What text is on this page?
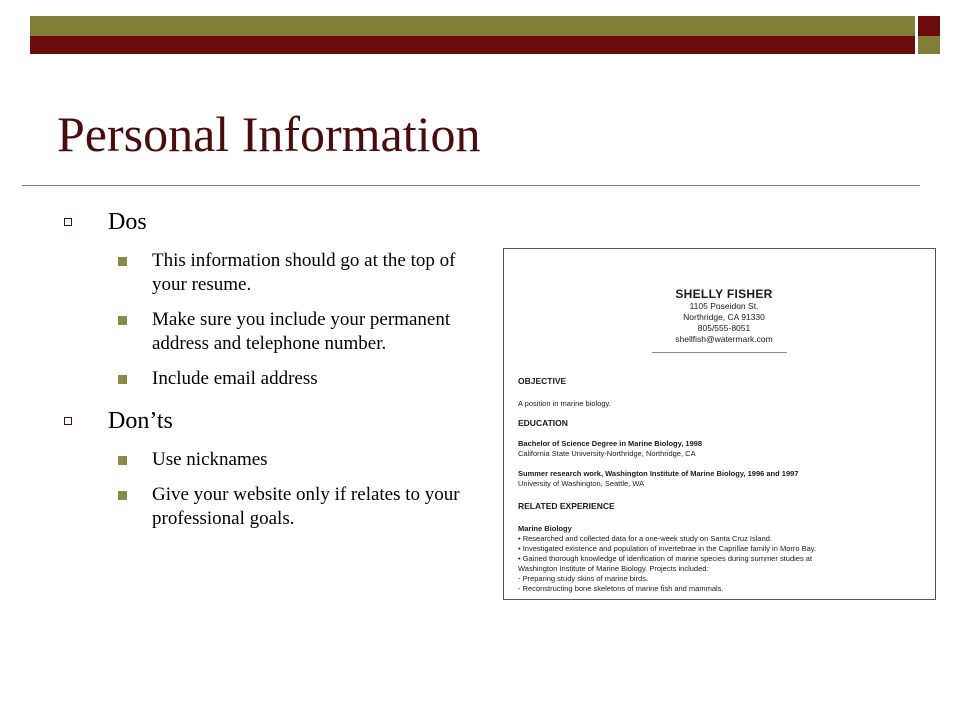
Personal Information
Dos
This information should go at the top of your resume.
Make sure you include your permanent address and telephone number.
Include email address
Don’ts
Use nicknames
Give your website only if relates to your professional goals.
SHELLY FISHER
1105 Poseidon St.
Northridge, CA 91330
805/555-8051
shellfish@watermark.com
OBJECTIVE
A position in marine biology.
EDUCATION
Bachelor of Science Degree in Marine Biology, 1998
California State University-Northridge, Northridge, CA
Summer research work, Washington Institute of Marine Biology, 1996 and 1997
University of Washington, Seattle, WA
RELATED EXPERIENCE
Marine Biology
• Researched and collected data for a one-week study on Santa Cruz Island.
• Investigated existence and population of invertebrae in the Caprillae family in Morro Bay.
• Gained thorough knowledge of idenfication of marine species during summer studies at
Washington Institute of Marine Biology. Projects included:
- Preparing study skins of marine birds.
- Reconstructing bone skeletons of marine fish and mammals.
